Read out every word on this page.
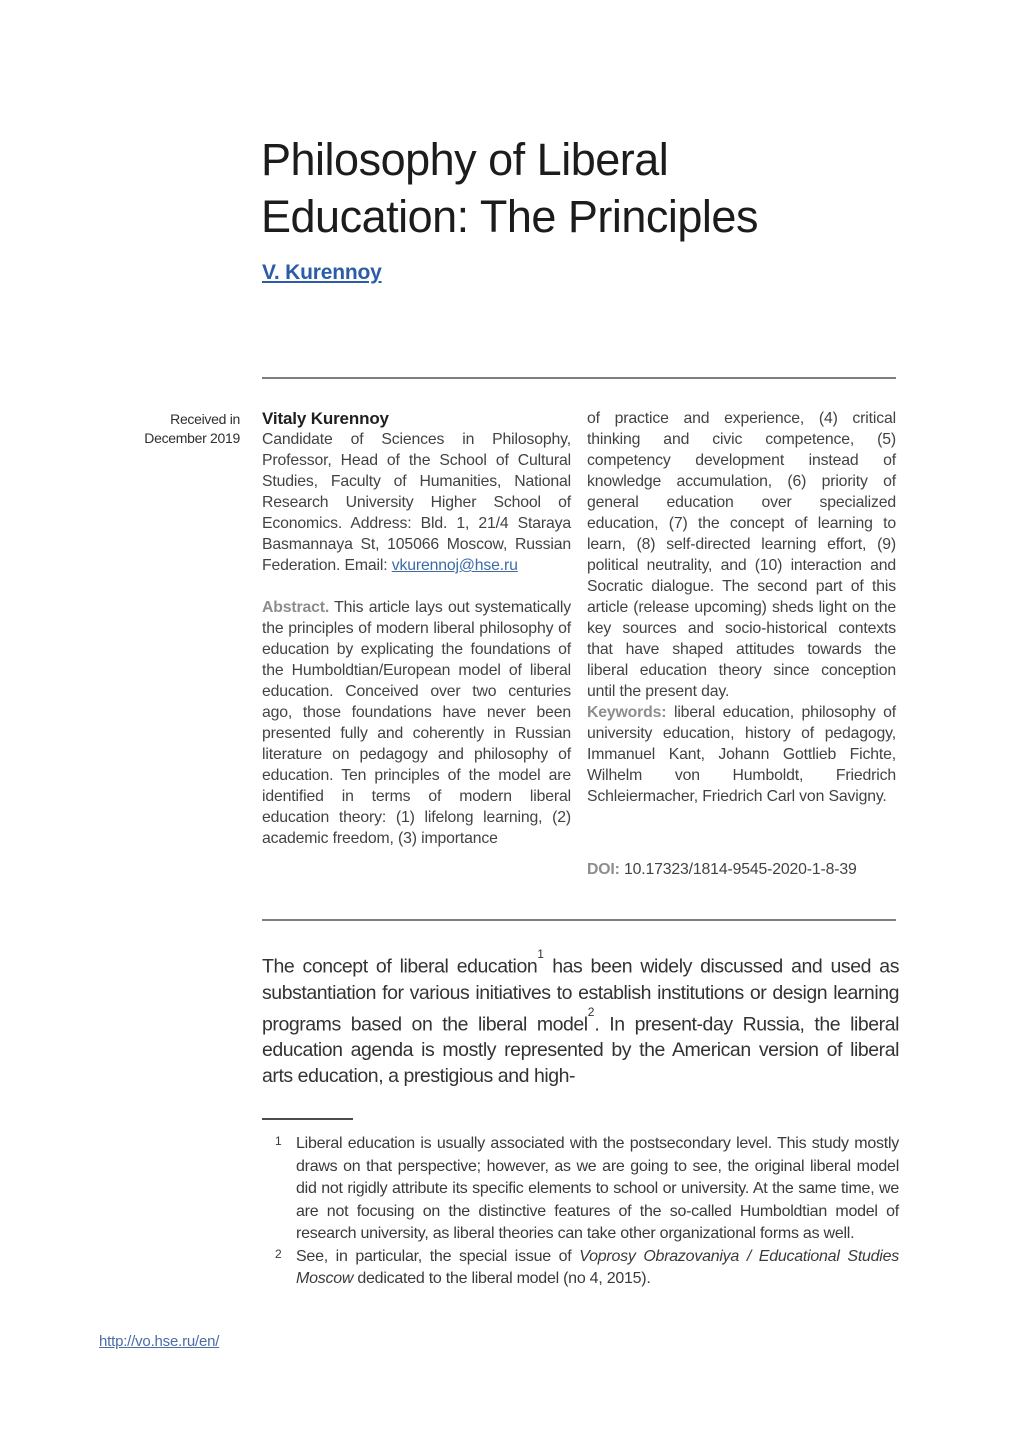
Philosophy of Liberal Education: The Principles
V. Kurennoy
Received in
December 2019

Vitaly Kurennoy

Candidate of Sciences in Philosophy, Professor, Head of the School of Cultural Studies, Faculty of Humanities, National Research University Higher School of Economics. Address: Bld. 1, 21/4 Staraya Basmannaya St, 105066 Moscow, Russian Federation. Email: vkurennoj@hse.ru

Abstract. This article lays out systematically the principles of modern liberal philosophy of education by explicating the foundations of the Humboldtian/European model of liberal education. Conceived over two centuries ago, those foundations have never been presented fully and coherently in Russian literature on pedagogy and philosophy of education. Ten principles of the model are identified in terms of modern liberal education theory: (1) lifelong learning, (2) academic freedom, (3) importance

of practice and experience, (4) critical thinking and civic competence, (5) competency development instead of knowledge accumulation, (6) priority of general education over specialized education, (7) the concept of learning to learn, (8) self-directed learning effort, (9) political neutrality, and (10) interaction and Socratic dialogue. The second part of this article (release upcoming) sheds light on the key sources and socio-historical contexts that have shaped attitudes towards the liberal education theory since conception until the present day.

Keywords: liberal education, philosophy of university education, history of pedagogy, Immanuel Kant, Johann Gottlieb Fichte, Wilhelm von Humboldt, Friedrich Schleiermacher, Friedrich Carl von Savigny.

DOI: 10.17323/1814-9545-2020-1-8-39

The concept of liberal education$^1$ has been widely discussed and used as substantiation for various initiatives to establish institutions or design learning programs based on the liberal model$^2$. In present-day Russia, the liberal education agenda is mostly represented by the American version of liberal arts education, a prestigious and high-

1 Liberal education is usually associated with the postsecondary level. This study mostly draws on that perspective; however, as we are going to see, the original liberal model did not rigidly attribute its specific elements to school or university. At the same time, we are not focusing on the distinctive features of the so-called Humboldtian model of research university, as liberal theories can take other organizational forms as well.

2 See, in particular, the special issue of Voprosy Obrazovaniya / Educational Studies Moscow dedicated to the liberal model (no 4, 2015).

http://vo.hse.ru/en/
